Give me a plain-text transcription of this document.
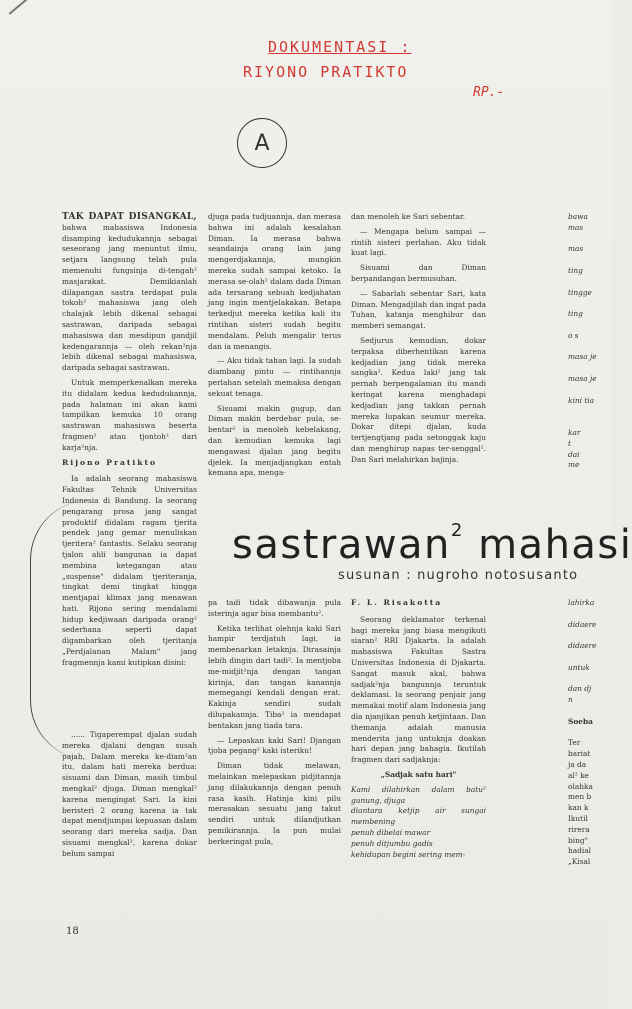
DOKUMENTASI :
RIYONO PRATIKTO
RP.-
A

TAK DAPAT DISANGKAL, bahwa mahasiswa Indonesia disamping kedudukannja sebagai seseorang jang menuntut ilmu, setjara langsung telah pula memenuhi fungsinja di-tengah² masjarakat. Demikianlah dilapangan sastra terdapat pula tokoh² mahasiswa jang oleh chalajak lebih dikenal sebagai sastrawan, daripada sebagai mahasiswa dan mesdipun gandjil kedengarannja — oleh rekan²nja lebih dikenal sebagai mahasiswa, daripada sebagai sastrawan.

Untuk memperkenalkan mereka itu didalam kedua kedudukannja, pada halaman ini akan kami tampilkan kemuka 10 orang sastrawan mahasiswa beserta fragmen² atau tjontoh² dari karja²nja.

Rijono Pratikto

Ia adalah seorang mahasiswa Fakultas Tehnik Universitas Indonesia di Bandung. Ia seorang pengarang prosa jang sangat produktif didalam ragam tjerita pendek jang gemar menuliskan tjeritera² fantastis. Selaku seorang tjalon ahli bangunan ia dapat membina ketegangan atau „suspense" didalam tjeriteranja, tingkat demi tingkat hingga mentjapai klimax jang menawan hati. Rijono sering mendalami hidup kedjiwaan daripada orang² sederhana seperti dapat digambarkan oleh tjeritanja „Perdjalanan Malam" jang fragmennja kami kutipkan disini:

...... Tigaperempat djalan sudah mereka djalani dengan susah pajah. Dalam mereka ke-diam²an itu, dalam hati mereka berdua: sisuami dan Diman, masih timbul mengkal² djuga. Diman mengkal² karena mengingat Sari. Ia kini beristeri 2 orang karena ia tak dapat mendjumpai kepuasan dalam seorang dari mereka sadja. Dan sisuami mengkal², karena dokar belum sampai

djuga pada tudjuannja, dan merasa bahwa ini adalah kesalahan Diman. Ia merasa bahwa seandainja orang lain jang mengerdjakannja, mungkin mereka sudah sampai ketoko. Ia merasa se-olah² dalam dada Diman ada tersarang sebuah kedjahatan jang ingin mentjelakakan. Betapa terkedjut mereka ketika kali itu rintihan sisteri sudah begitu mendalam. Peluh mengalir terus dan ia menangis.

— Aku tidak tahan lagi. Ia sudah diambang pintu — rintihannja perlahan setelah memaksa dengan sekuat tenaga.

Sisuami makin gugup, dan Diman makin berdebar pula, se-bentar² ia menoleh kebelakang, dan kemudian kemuka lagi mengawasi djalan jang begitu djelek. Ia menjadjangkan entah kemana apa, menga-

dan menoleh ke Sari sebentar.

— Mengapa belum sampai — rintih sisteri perlahan. Aku tidak kuat lagi.

Sisuami dan Diman berpandangan bermusuhan.

— Sabarlah sebentar Sari, kata Diman. Mengadjilah dan ingat pada Tuhan, katanja menghibur dan memberi semangat.

Sedjurus kemudian, dokar terpaksa diberhentikan karena kedjadian jang tidak mereka sangka². Kedua laki² jang tak pernah berpengalaman itu mandi keringat karena menghadapi kedjadian jang takkan pernah mereka lupakan seumur mereka. Dokar ditepi djalan, kuda tertjengtjang pada setonggak kaju dan menghirup napas ter-senggal². Dan Sari melahirkan bajinja.

bawa
mas

mas

ting

tingge

ting

o s

masa je

masa je

kini tia

kar
t
dai
me
sastrawan$^2$ mahasi
susunan : nugroho notosusanto

pa tadi tidak dibawanja pula isterinja agar bisa membantu².

Ketika terlihat olehnja kaki Sari hampir terdjatuh lagi, ia membenarkan letaknja. Dirasainja lebih dingin dari tadi². Ia mentjoba me-midjit²nja dengan tangan kirinja, dan tangan kanannja memegangi kendali dengan erat. Kakinja sendiri sudah dilupakannja. Tiba² ia mendapat bentakan jang tiada tara.

— Lepaskan kaki Sari! Djangan tjoba pegang² kaki isteriku!

Diman tidak melawan, melainkan melepaskan pidjitannja jang dilakukannja dengan penuh rasa kasih. Hatinja kini pilu merasakan sesuatu jang takut sendiri untuk dilandjutkan pemikirannja. Ia pun mulai berkeringat pula,

F. L. Risakotta

Seorang deklamator terkenal bagi mereka jang biasa mengikuti siaran² RRI Djakarta. Ia adalah mahasiswa Fakultas Sastra Universitas Indonesia di Djakarta. Sangat masuk akal, bahwa sadjak²nja bangunnja teruntuk deklamasi. Ia seorang penjair jang memakai motif alam Indonesia jang dia njanjikan penuh ketjintaan. Dan themanja adalah manusia menderita jang untuknja doakan hari depan jang bahagia. Ikutilah fragmen dari sadjaknja:

„Sadjak satu hari"

Kami dilahirkan dalam batu² gunung, djuga
diantara ketjip air sungai membening
penuh dibelai mawar
penuh ditjumbu gadis
kehidupan begini sering mem-
lahirka

didaere

didaere

untuk

dan dj
n

Soeba

Ter
bariat
ja da
al² ke
olahka
men b
kan k
Ikutil
rirera
bing"
hadial
„Kisal
18
